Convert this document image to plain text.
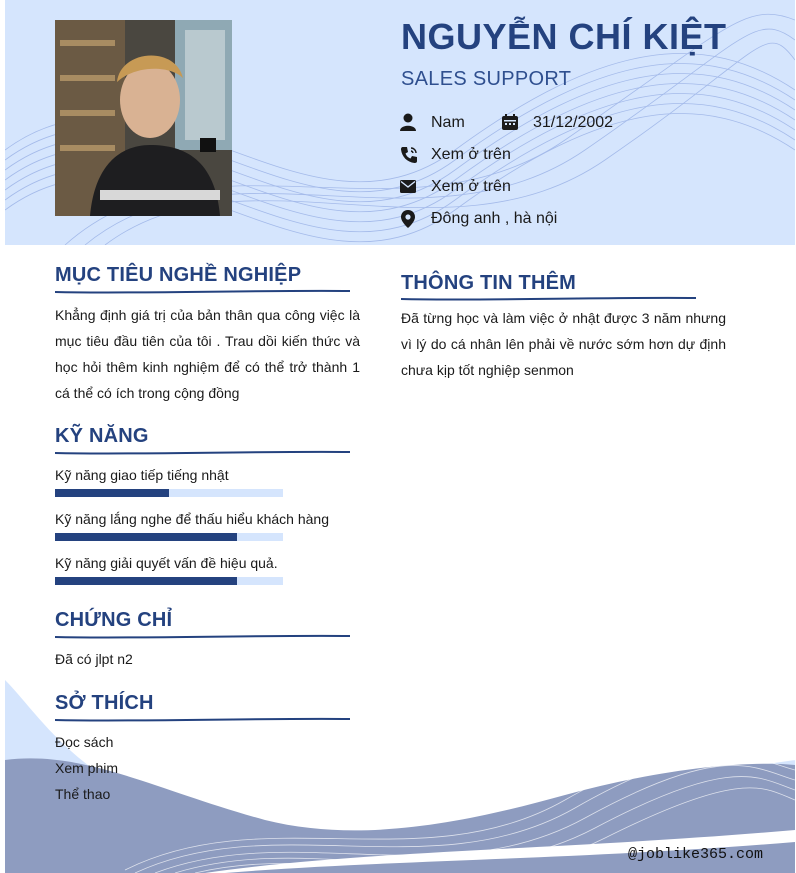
NGUYỄN CHÍ KIỆT
SALES SUPPORT
Nam	31/12/2002
Xem ở trên
Xem ở trên
Đông anh , hà nội
MỤC TIÊU NGHỀ NGHIỆP
Khẳng định giá trị của bản thân qua công việc là mục tiêu đầu tiên của tôi . Trau dồi kiến thức và học hỏi thêm kinh nghiệm để có thể trở thành 1 cá thể có ích trong cộng đồng
KỸ NĂNG
Kỹ năng giao tiếp tiếng nhật
Kỹ năng lắng nghe để thấu hiểu khách hàng
Kỹ năng giải quyết vấn đề hiệu quả.
CHỨNG CHỈ
Đã có jlpt n2
SỞ THÍCH
Đọc sách
Xem phim
Thể thao
THÔNG TIN THÊM
Đã từng học và làm việc ở nhật được 3 năm nhưng vì lý do cá nhân lên phải về nước sớm hơn dự định chưa kịp tốt nghiệp senmon
@joblike365.com
